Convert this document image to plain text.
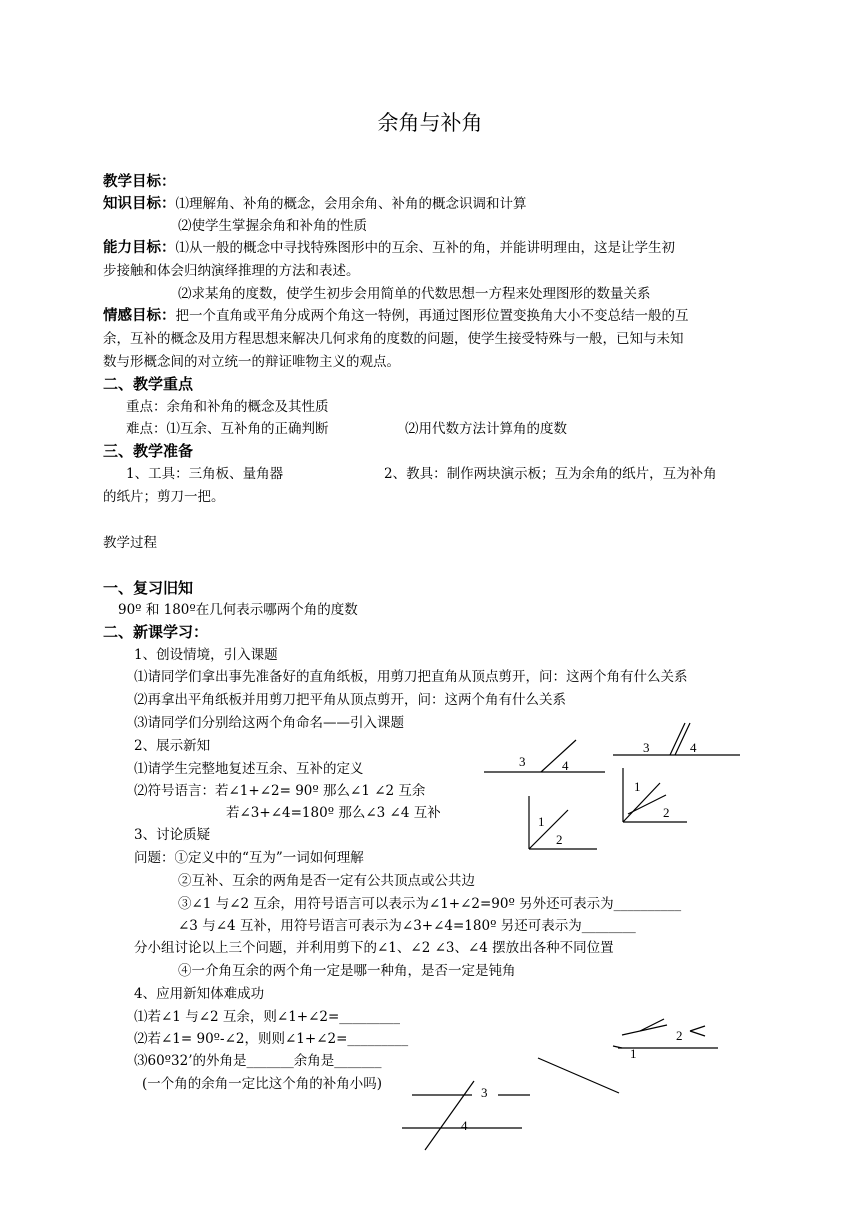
余角与补角
教学目标：
知识目标：⑴理解角、补角的概念，会用余角、补角的概念识调和计算
⑵使学生掌握余角和补角的性质
能力目标：⑴从一般的概念中寻找特殊图形中的互余、互补的角，并能讲明理由，这是让学生初
步接触和体会归纳演绎推理的方法和表述。
⑵求某角的度数，使学生初步会用简单的代数思想一方程来处理图形的数量关系
情感目标：把一个直角或平角分成两个角这一特例，再通过图形位置变换角大小不变总结一般的互
余，互补的概念及用方程思想来解决几何求角的度数的问题，使学生接受特殊与一般，已知与未知
数与形概念间的对立统一的辩证唯物主义的观点。
二、教学重点
重点：余角和补角的概念及其性质
难点：⑴互余、互补角的正确判断	⑵用代数方法计算角的度数
三、教学准备
1、工具：三角板、量角器	2、教具：制作两块演示板；互为余角的纸片，互为补角
的纸片；剪刀一把。
教学过程
一、复习旧知
90º 和 180º在几何表示哪两个角的度数
二、新课学习：
1、创设情境，引入课题
⑴请同学们拿出事先准备好的直角纸板，用剪刀把直角从顶点剪开，问：这两个角有什么关系
⑵再拿出平角纸板并用剪刀把平角从顶点剪开，问：这两个角有什么关系
⑶请同学们分别给这两个角命名——引入课题
2、展示新知
⑴请学生完整地复述互余、互补的定义
⑵符号语言：若∠1+∠2= 90º 那么∠1 ∠2 互余
若∠3+∠4=180º 那么∠3 ∠4 互补
3、讨论质疑
问题：①定义中的“互为”一词如何理解
②互补、互余的两角是否一定有公共顶点或公共边
③∠1 与∠2 互余，用符号语言可以表示为∠1+∠2=90º 另外还可表示为__________
∠3 与∠4 互补，用符号语言可表示为∠3+∠4=180º 另还可表示为________
分小组讨论以上三个问题，并利用剪下的∠1、∠2 ∠3、∠4 摆放出各种不同位置
④一介角互余的两个角一定是哪一种角，是否一定是钝角
4、应用新知体难成功
⑴若∠1 与∠2 互余，则∠1+∠2=_________
⑵若∠1= 90º-∠2，则则∠1+∠2=_________
⑶60º32’的外角是_______余角是_______
(一个角的余角一定比这个角的补角小吗)
3	4
3	4
1
2
1
2
2
1
3
4
